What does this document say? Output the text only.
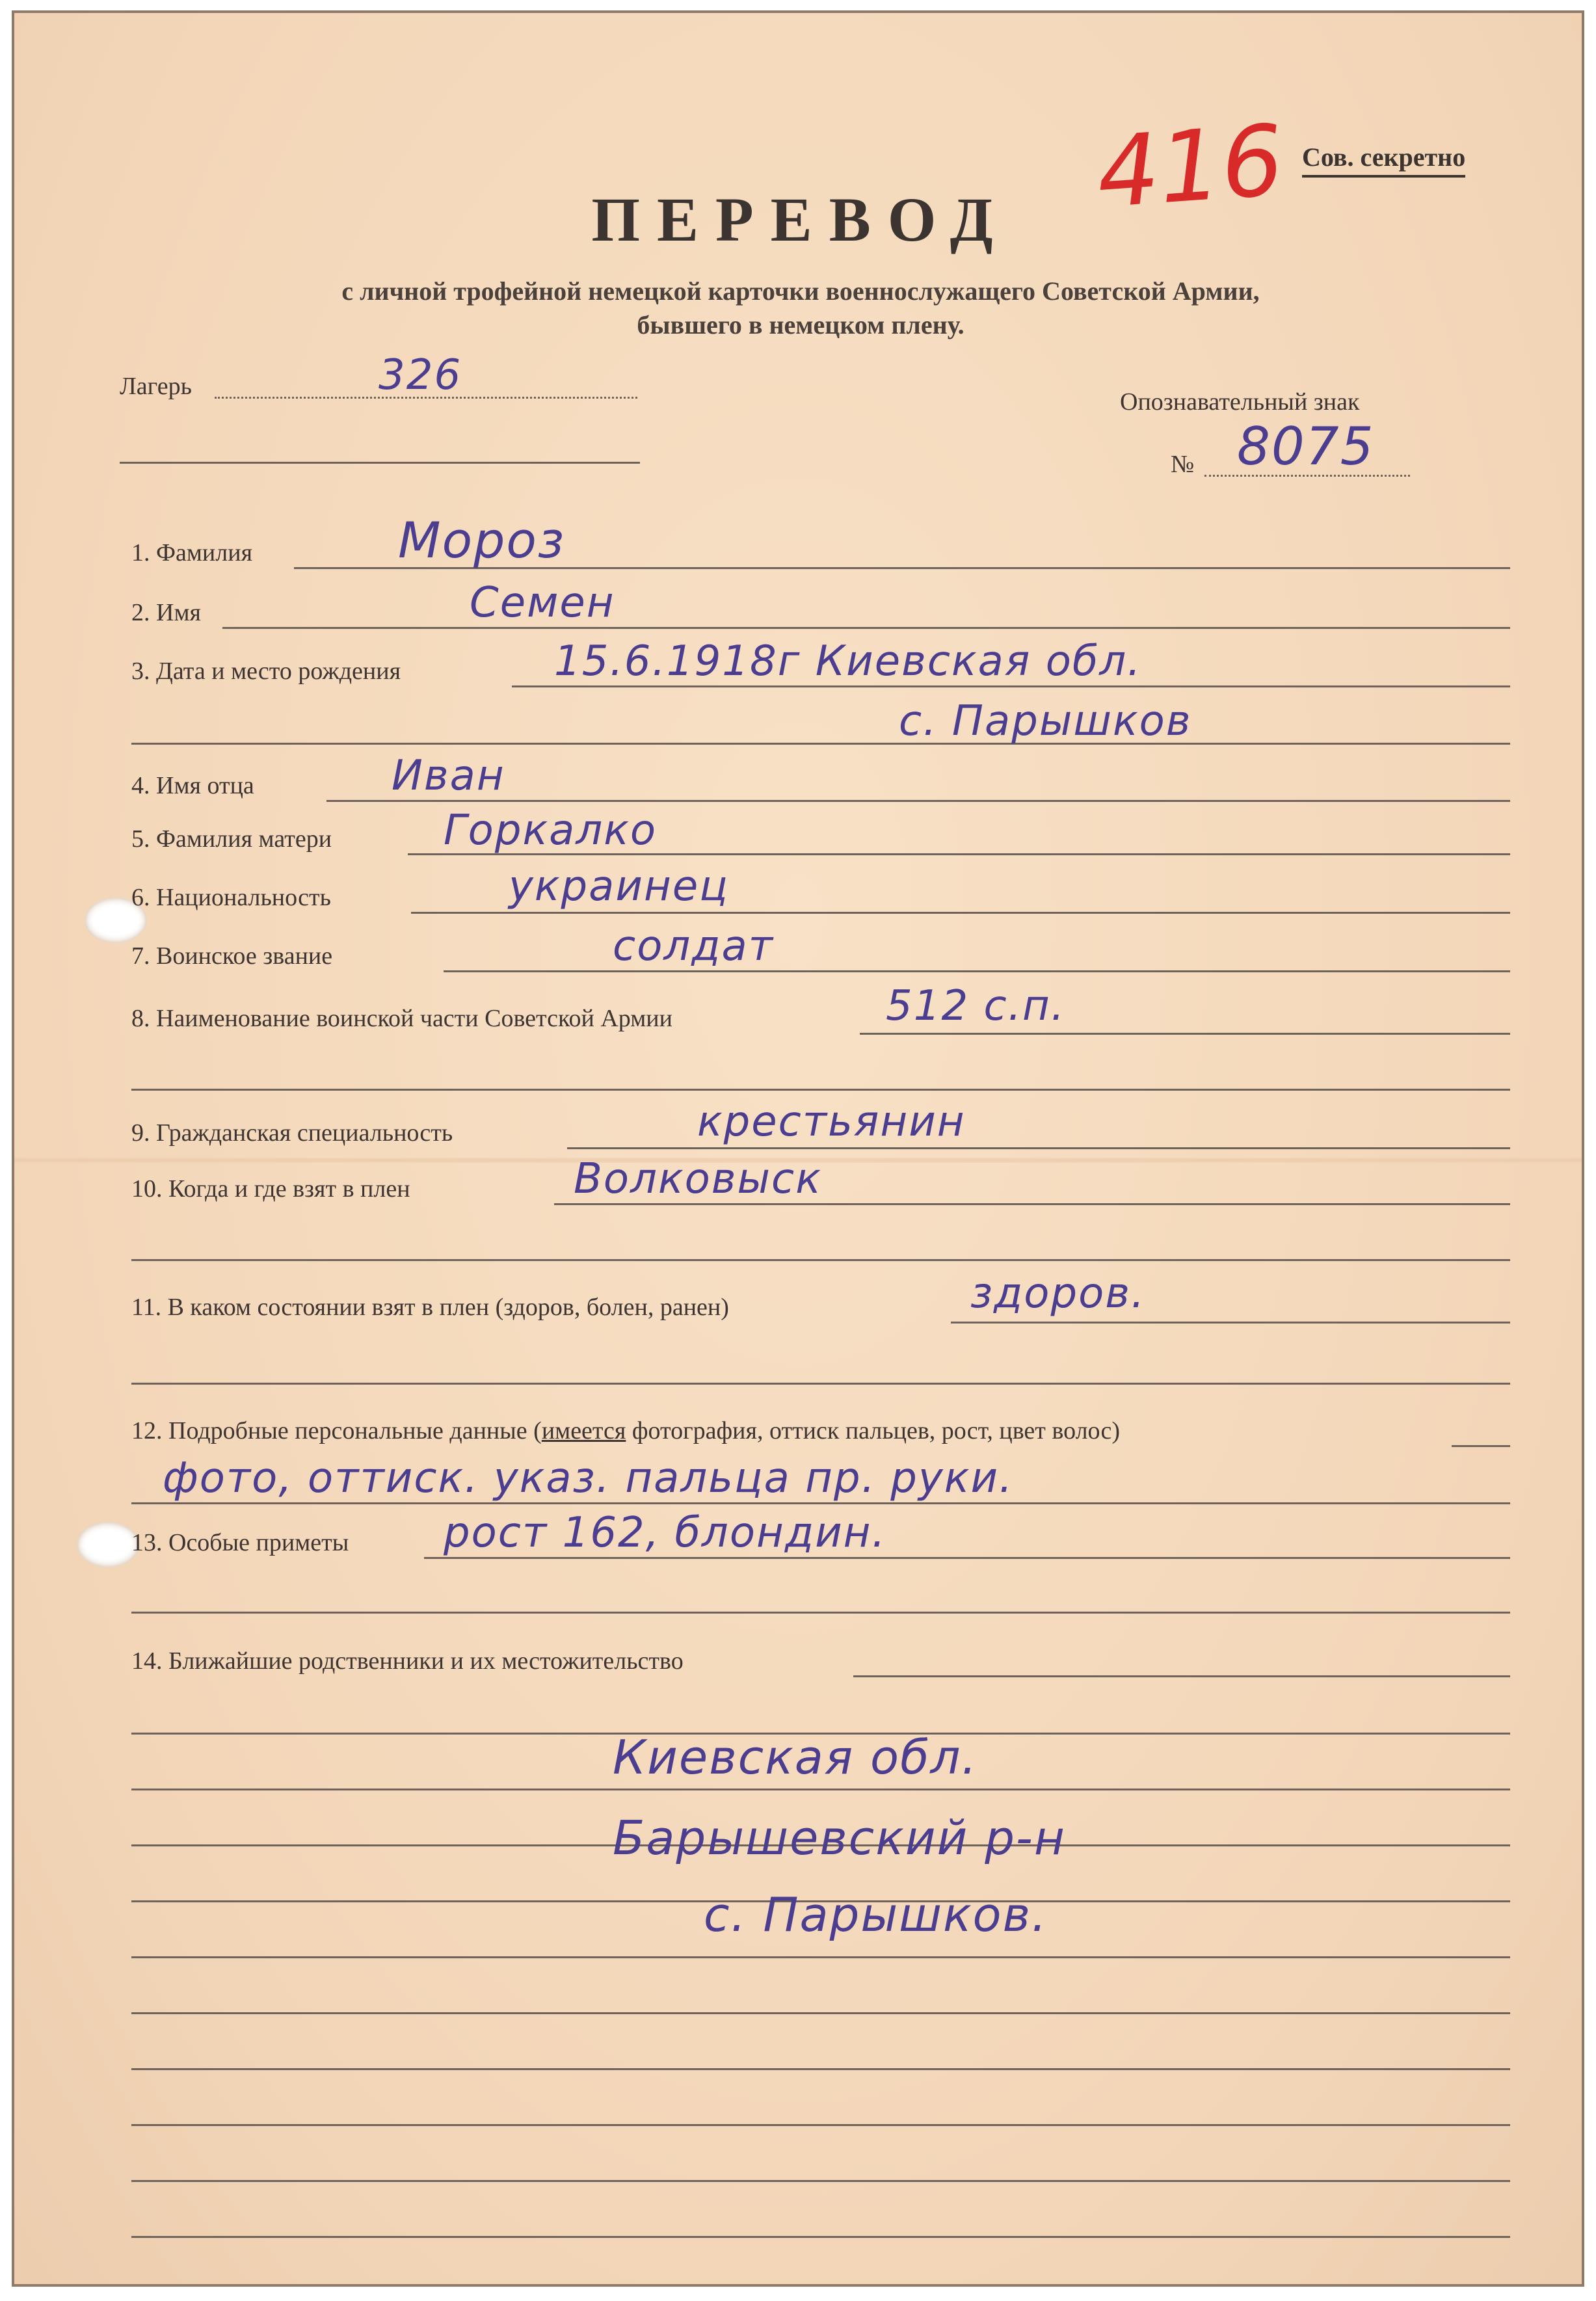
416 Сов. секретно
ПЕРЕВОД
с личной трофейной немецкой карточки военнослужащего Советской Армии,
бывшего в немецком плену.
Лагерь	326
Опознавательный знак
№ 8075
1. Фамилия	Мороз
2. Имя	Семен
3. Дата и место рождения	15.6.1918г Киевская обл.
с. Парышков
4. Имя отца	Иван
5. Фамилия матери	Горкалко
6. Национальность	украинец
7. Воинское звание	солдат
8. Наименование воинской части Советской Армии	512 с.п.
9. Гражданская специальность	крестьянин
10. Когда и где взят в плен	Волковыск
11. В каком состоянии взят в плен (здоров, болен, ранен)	здоров.
12. Подробные персональные данные (имеется фотография, оттиск пальцев, рост, цвет волос)
фото, оттиск. указ. пальца пр. руки.
13. Особые приметы рост 162, блондин.
14. Ближайшие родственники и их местожительство
Киевская обл.
Барышевский р-н
с. Парышков.
